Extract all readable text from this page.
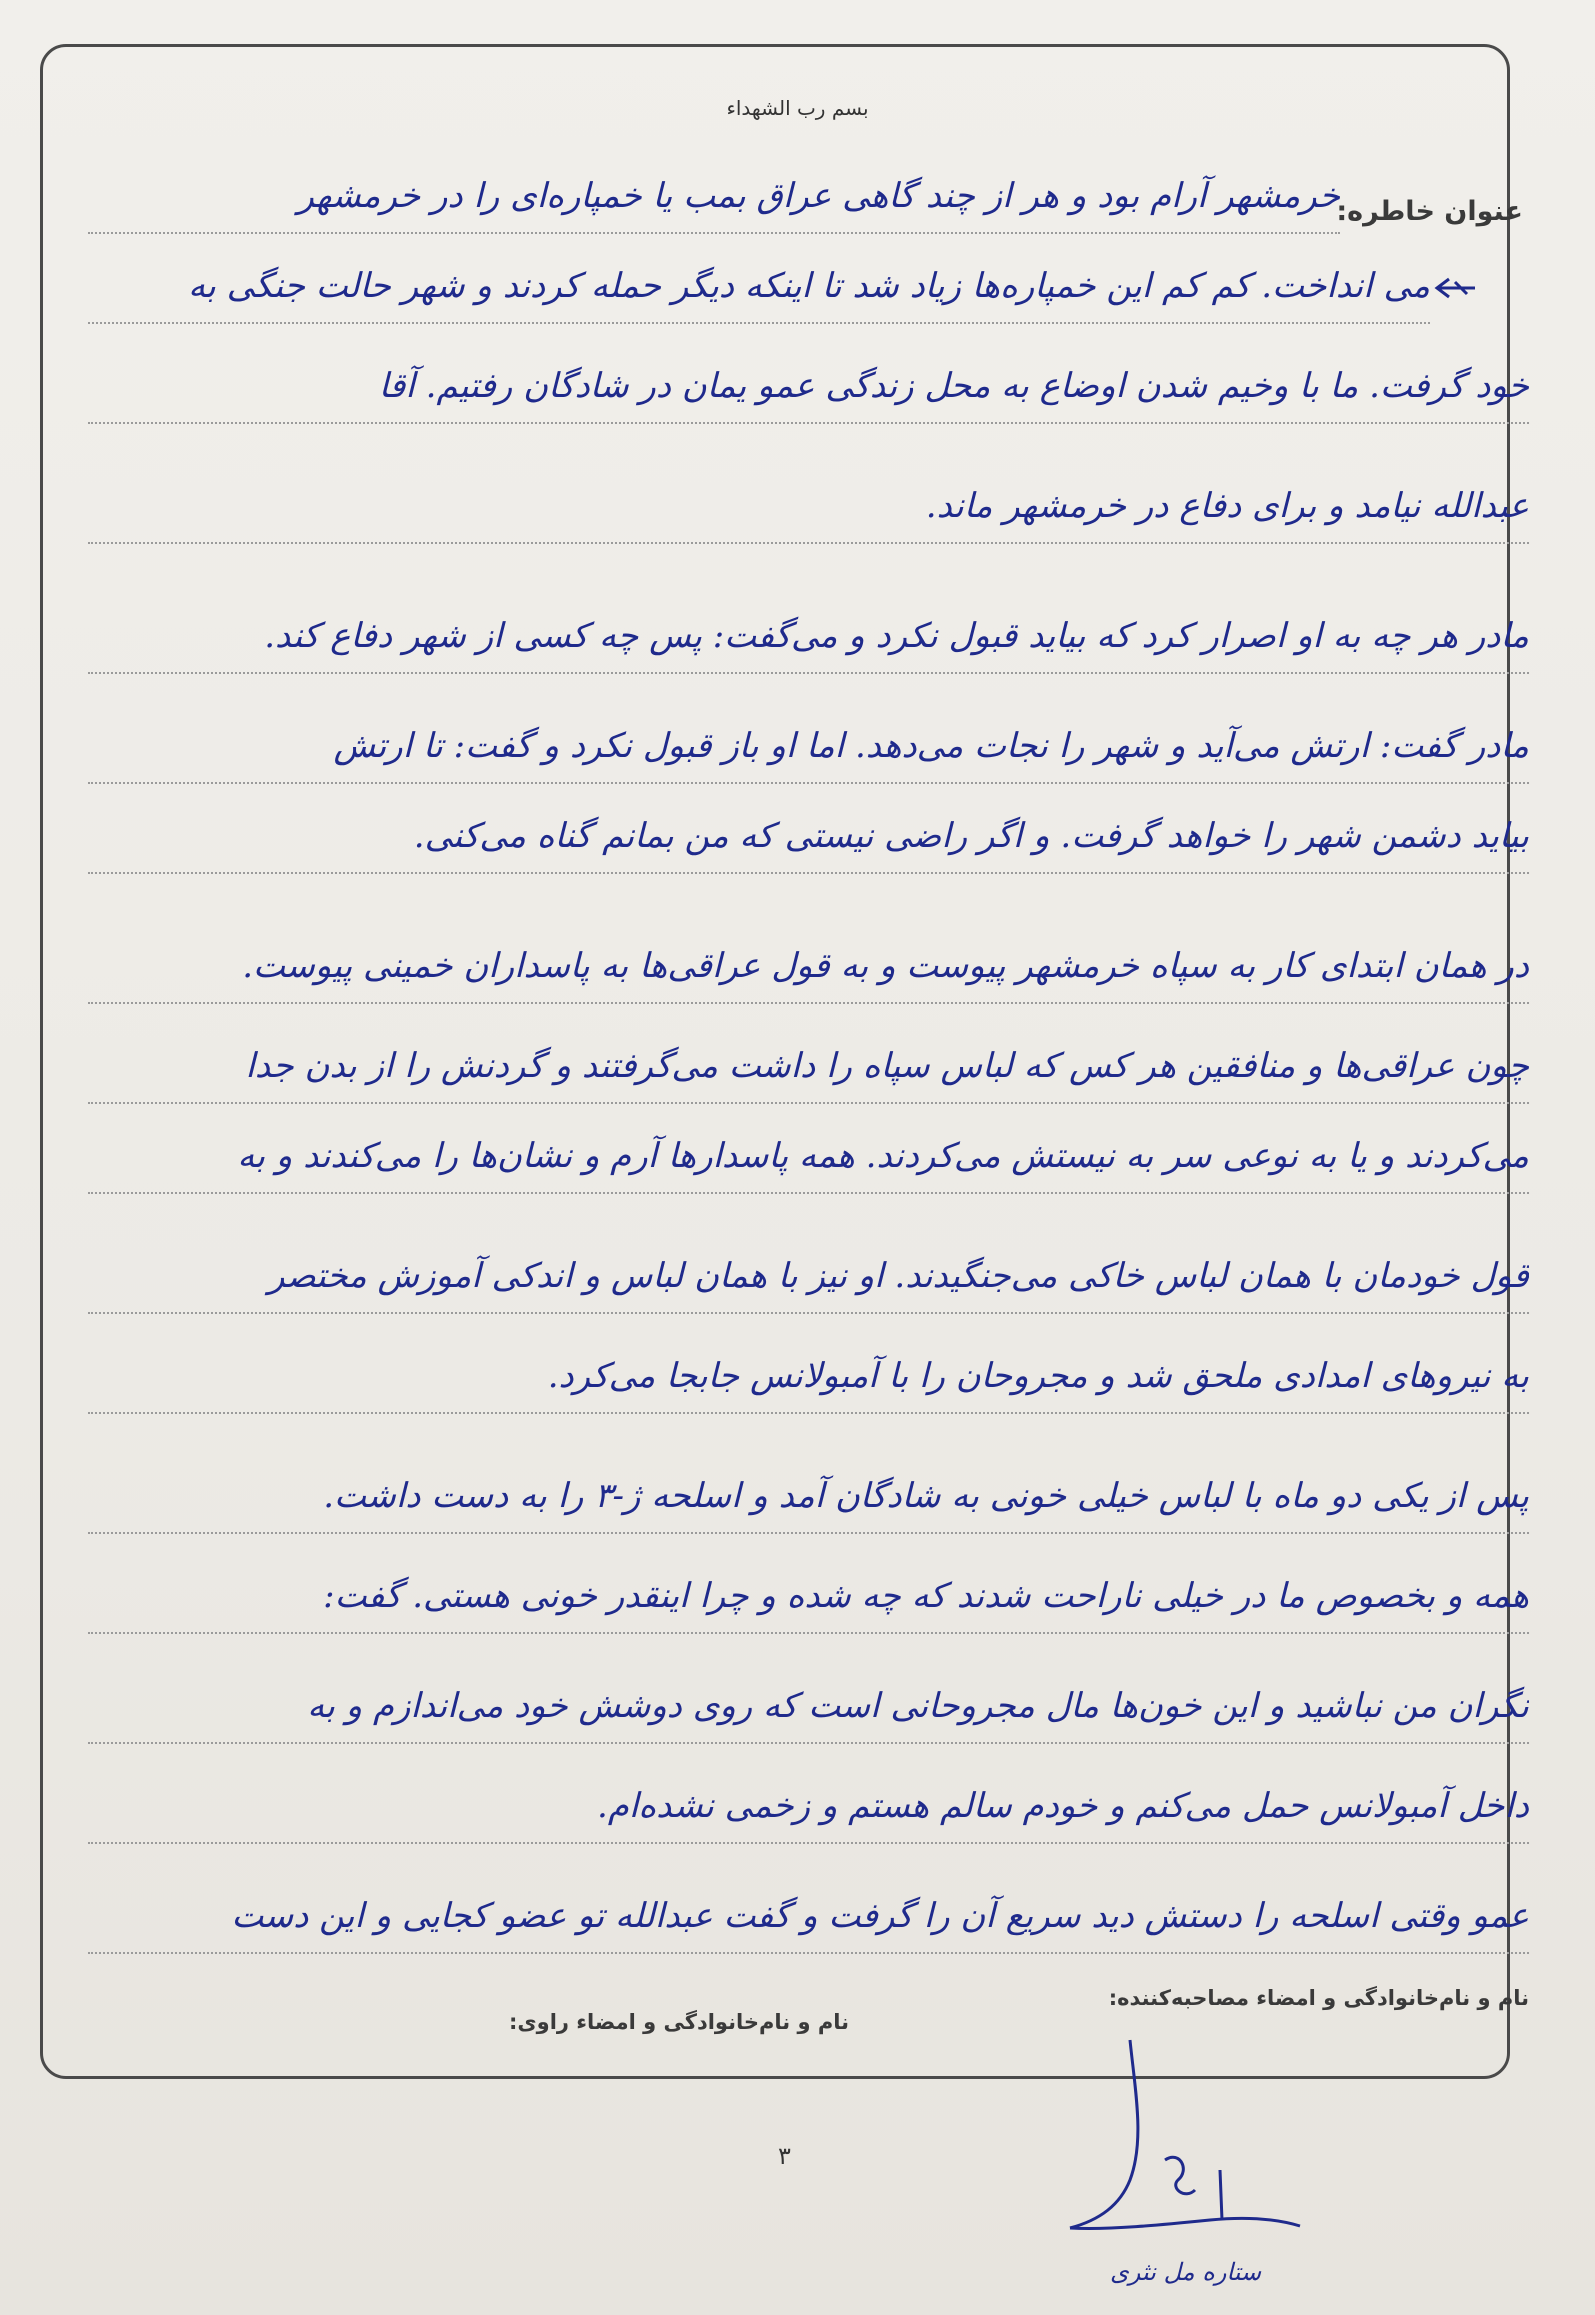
بسم رب الشهداء
عنوان خاطره:
خرمشهر آرام بود و هر از چند گاهی عراق بمب یا خمپاره‌ای را در خرمشهر
می انداخت. کم کم این خمپاره‌ها زیاد شد تا اینکه دیگر حمله کردند و شهر حالت جنگی به
خود گرفت. ما با وخیم شدن اوضاع به محل زندگی عمو یمان در شادگان رفتیم. آقا
عبدالله نیامد و برای دفاع در خرمشهر ماند.
مادر هر چه به او اصرار کرد که بیاید قبول نکرد و می‌گفت: پس چه کسی از شهر دفاع کند.
مادر گفت: ارتش می‌آید و شهر را نجات می‌دهد. اما او باز قبول نکرد و گفت: تا ارتش
بیاید دشمن شهر را خواهد گرفت. و اگر راضی نیستی که من بمانم گناه می‌کنی.
در همان ابتدای کار به سپاه خرمشهر پیوست و به قول عراقی‌ها به پاسداران خمینی پیوست.
چون عراقی‌ها و منافقین هر کس که لباس سپاه را داشت می‌گرفتند و گردنش را از بدن جدا
می‌کردند و یا به نوعی سر به نیستش می‌کردند. همه پاسدارها آرم و نشان‌ها را می‌کندند و به
قول خودمان با همان لباس خاکی می‌جنگیدند. او نیز با همان لباس و اندکی آموزش مختصر
به نیروهای امدادی ملحق شد و مجروحان را با آمبولانس جابجا می‌کرد.
پس از یکی دو ماه با لباس خیلی خونی به شادگان آمد و اسلحه ژ-۳ را به دست داشت.
همه و بخصوص ما در خیلی ناراحت شدند که چه شده و چرا اینقدر خونی هستی. گفت:
نگران من نباشید و این خون‌ها مال مجروحانی است که روی دوشش خود می‌اندازم و به
داخل آمبولانس حمل می‌کنم و خودم سالم هستم و زخمی نشده‌ام.
عمو وقتی اسلحه را دستش دید سریع آن را گرفت و گفت عبدالله تو عضو کجایی و این دست
نام و نام‌خانوادگی و امضاء مصاحبه‌کننده:
نام و نام‌خانوادگی و امضاء راوی:
۳
ستاره مل نثری
